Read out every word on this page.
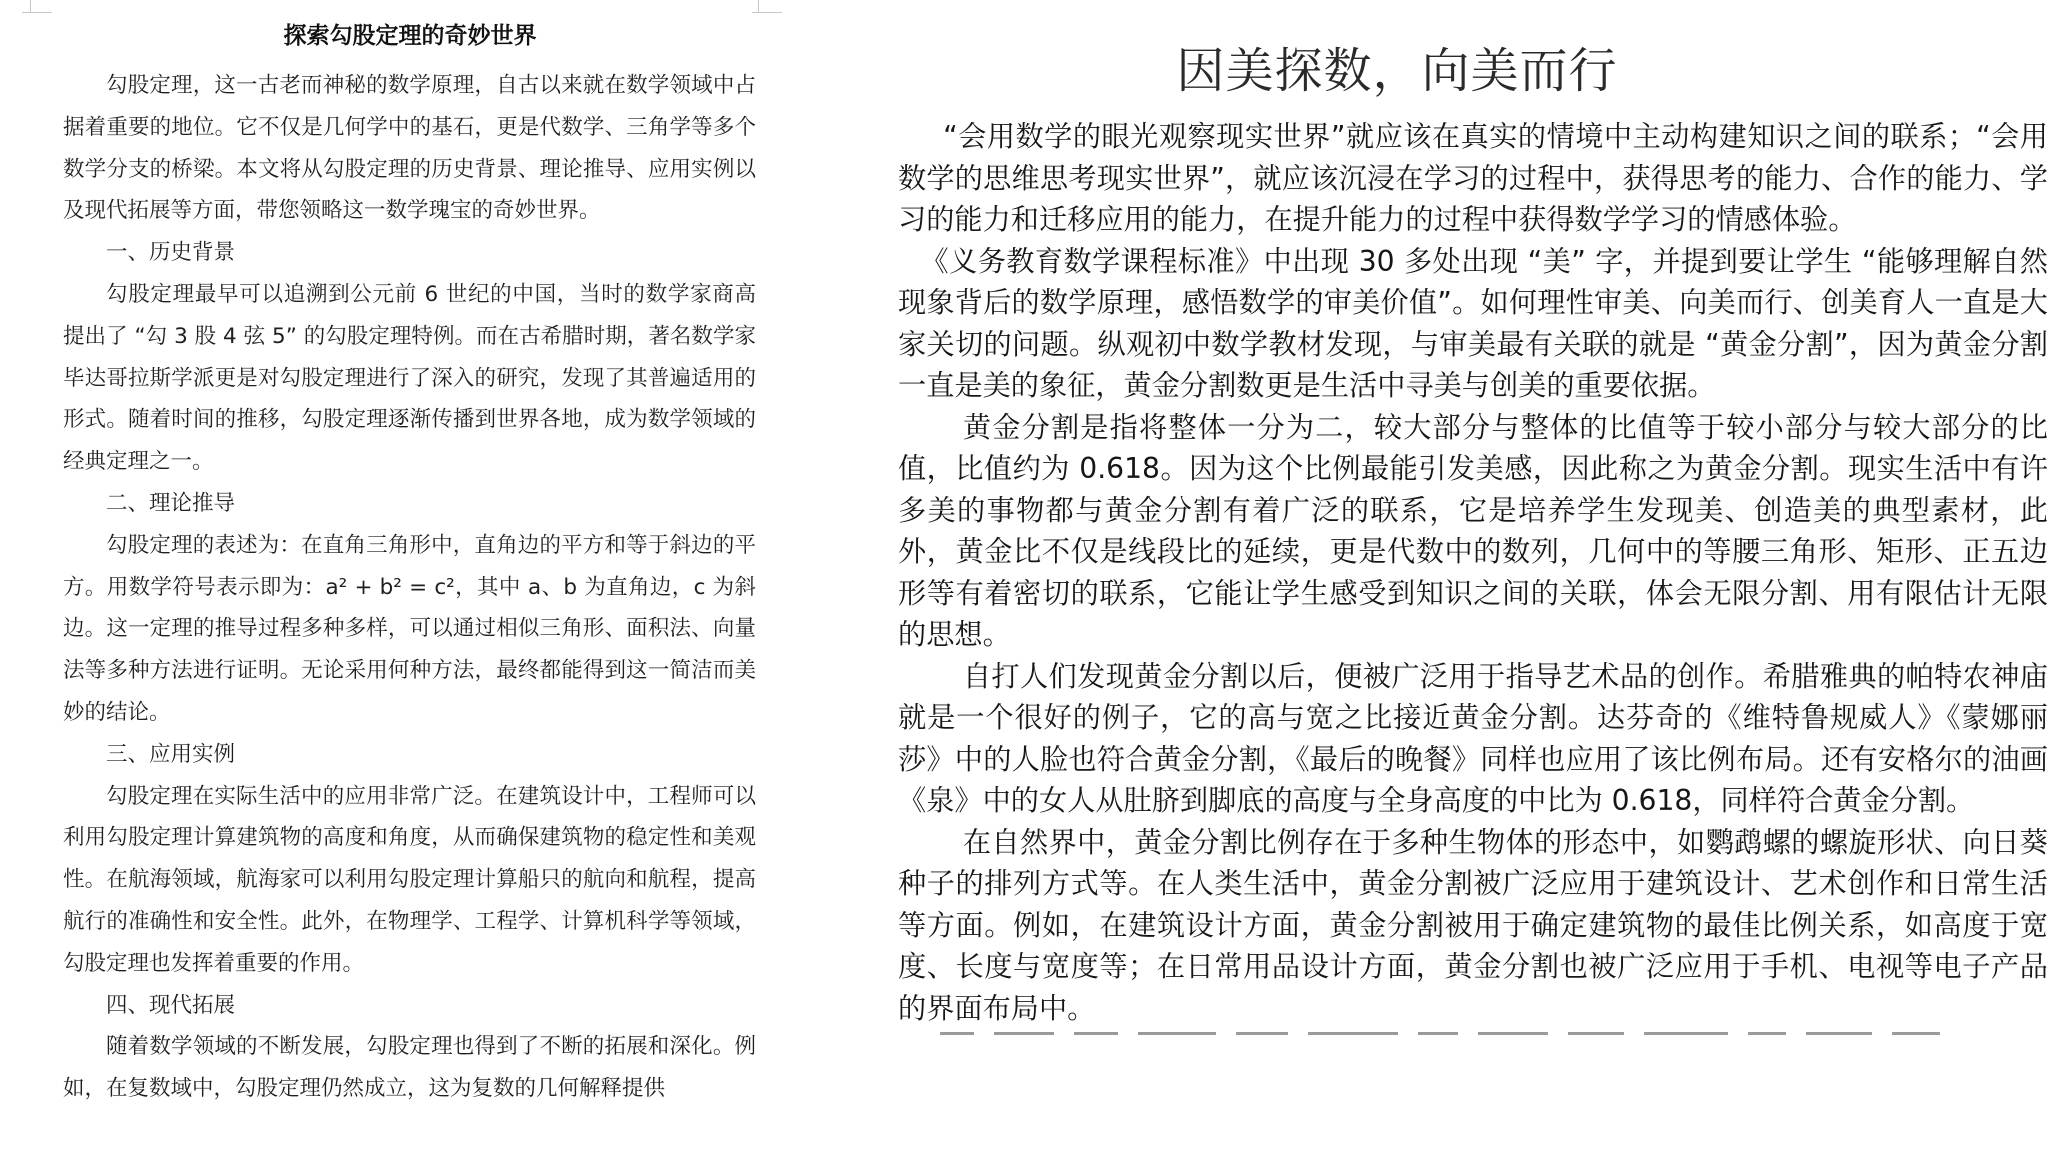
探索勾股定理的奇妙世界

勾股定理，这一古老而神秘的数学原理，自古以来就在数学领域中占据着重要的地位。它不仅是几何学中的基石，更是代数学、三角学等多个数学分支的桥梁。本文将从勾股定理的历史背景、理论推导、应用实例以及现代拓展等方面，带您领略这一数学瑰宝的奇妙世界。

一、历史背景

勾股定理最早可以追溯到公元前 6 世纪的中国，当时的数学家商高提出了 “勾 3 股 4 弦 5” 的勾股定理特例。而在古希腊时期，著名数学家毕达哥拉斯学派更是对勾股定理进行了深入的研究，发现了其普遍适用的形式。随着时间的推移，勾股定理逐渐传播到世界各地，成为数学领域的经典定理之一。

二、理论推导

勾股定理的表述为：在直角三角形中，直角边的平方和等于斜边的平方。用数学符号表示即为：a² + b² = c²，其中 a、b 为直角边，c 为斜边。这一定理的推导过程多种多样，可以通过相似三角形、面积法、向量法等多种方法进行证明。无论采用何种方法，最终都能得到这一简洁而美妙的结论。

三、应用实例

勾股定理在实际生活中的应用非常广泛。在建筑设计中，工程师可以利用勾股定理计算建筑物的高度和角度，从而确保建筑物的稳定性和美观性。在航海领域，航海家可以利用勾股定理计算船只的航向和航程，提高航行的准确性和安全性。此外，在物理学、工程学、计算机科学等领域，勾股定理也发挥着重要的作用。

四、现代拓展

随着数学领域的不断发展，勾股定理也得到了不断的拓展和深化。例如，在复数域中，勾股定理仍然成立，这为复数的几何解释提供

因美探数，向美而行

“会用数学的眼光观察现实世界”就应该在真实的情境中主动构建知识之间的联系；“会用数学的思维思考现实世界”，就应该沉浸在学习的过程中，获得思考的能力、合作的能力、学习的能力和迁移应用的能力，在提升能力的过程中获得数学学习的情感体验。

《义务教育数学课程标准》中出现 30 多处出现 “美” 字，并提到要让学生 “能够理解自然现象背后的数学原理，感悟数学的审美价值”。如何理性审美、向美而行、创美育人一直是大家关切的问题。纵观初中数学教材发现，与审美最有关联的就是 “黄金分割”，因为黄金分割一直是美的象征，黄金分割数更是生活中寻美与创美的重要依据。

黄金分割是指将整体一分为二，较大部分与整体的比值等于较小部分与较大部分的比值，比值约为 0.618。因为这个比例最能引发美感，因此称之为黄金分割。现实生活中有许多美的事物都与黄金分割有着广泛的联系，它是培养学生发现美、创造美的典型素材，此外，黄金比不仅是线段比的延续，更是代数中的数列，几何中的等腰三角形、矩形、正五边形等有着密切的联系，它能让学生感受到知识之间的关联，体会无限分割、用有限估计无限的思想。

自打人们发现黄金分割以后，便被广泛用于指导艺术品的创作。希腊雅典的帕特农神庙就是一个很好的例子，它的高与宽之比接近黄金分割。达芬奇的《维特鲁规威人》《蒙娜丽莎》中的人脸也符合黄金分割，《最后的晚餐》同样也应用了该比例布局。还有安格尔的油画《泉》中的女人从肚脐到脚底的高度与全身高度的中比为 0.618，同样符合黄金分割。

在自然界中，黄金分割比例存在于多种生物体的形态中，如鹦鹉螺的螺旋形状、向日葵种子的排列方式等。在人类生活中，黄金分割被广泛应用于建筑设计、艺术创作和日常生活等方面。例如，在建筑设计方面，黄金分割被用于确定建筑物的最佳比例关系，如高度于宽度、长度与宽度等；在日常用品设计方面，黄金分割也被广泛应用于手机、电视等电子产品的界面布局中。
